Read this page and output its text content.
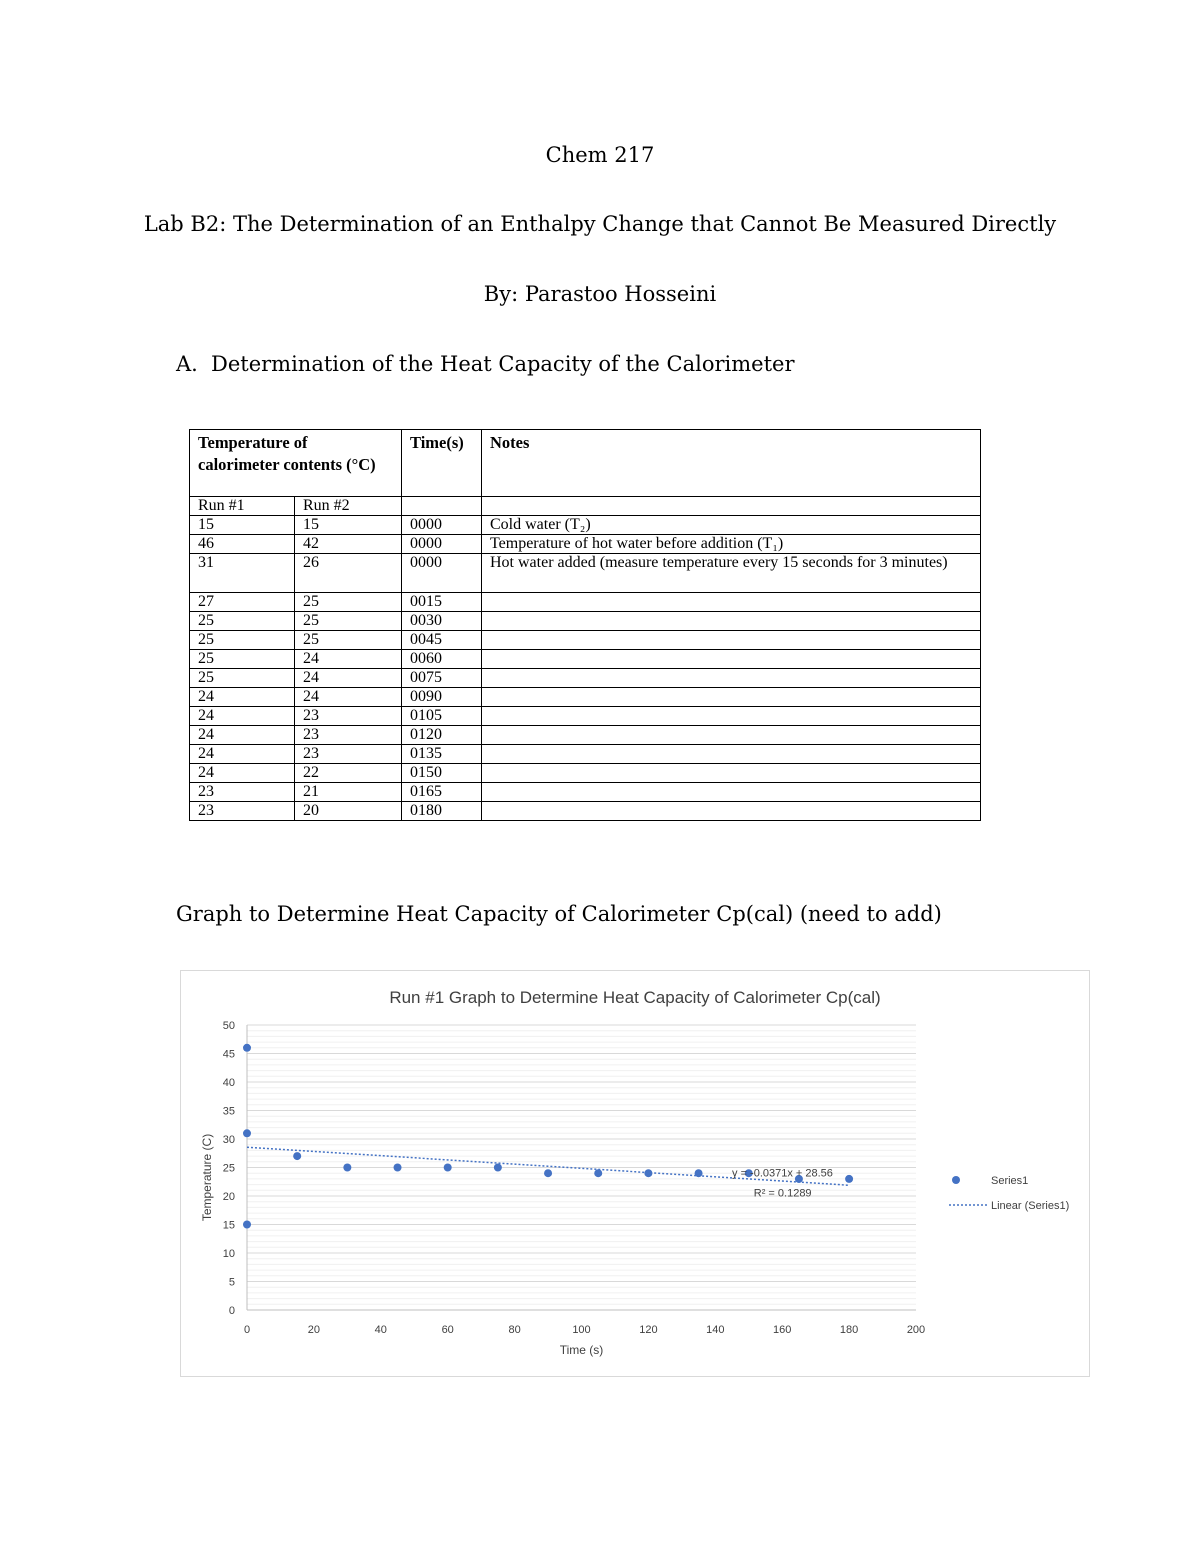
Chem 217
Lab B2: The Determination of an Enthalpy Change that Cannot Be Measured Directly
By: Parastoo Hosseini
A. Determination of the Heat Capacity of the Calorimeter
Temperature of calorimeter contents (°C)		Time(s)	Notes
Run #1	Run #2		
15	15	0000	Cold water (T₂)
46	42	0000	Temperature of hot water before addition (T₁)
31	26	0000	Hot water added (measure temperature every 15 seconds for 3 minutes)
27	25	0015	
25	25	0030	
25	25	0045	
25	24	0060	
25	24	0075	
24	24	0090	
24	23	0105	
24	23	0120	
24	23	0135	
24	22	0150	
23	21	0165	
23	20	0180	
Graph to Determine Heat Capacity of Calorimeter Cp(cal) (need to add)
Run #1 Graph to Determine Heat Capacity of Calorimeter Cp(cal)
0
5
10
15
20
25
30
35
40
45
50
0	20	40	60	80	100	120	140	160	180	200
y = -0.0371x + 28.56
R² = 0.1289
Time (s)
Temperature (C)	Series1
Linear (Series1)
